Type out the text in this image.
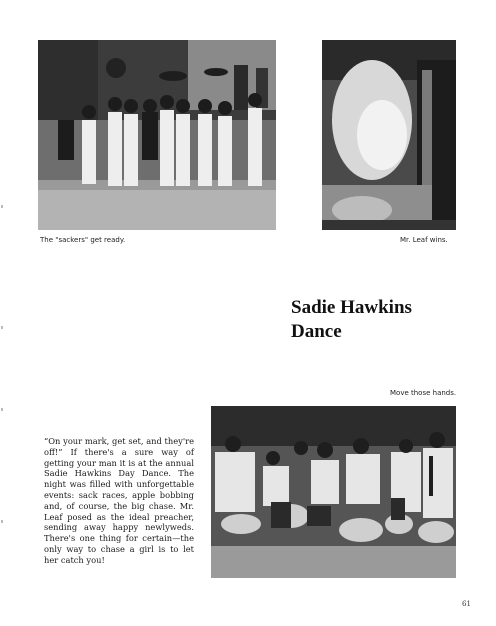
The "sackers" get ready.	Mr. Leaf wins.
Sadie Hawkins
Dance
Move those hands.

“On your mark, get set, and they're off!” If there's a sure way of getting your man it is at the annual Sadie Hawkins Day Dance. The night was filled with unforgettable events: sack races, apple bobbing and, of course, the big chase. Mr. Leaf posed as the ideal preacher, sending away happy newlyweds. There's one thing for certain—the only way to chase a girl is to let her catch you!

61
